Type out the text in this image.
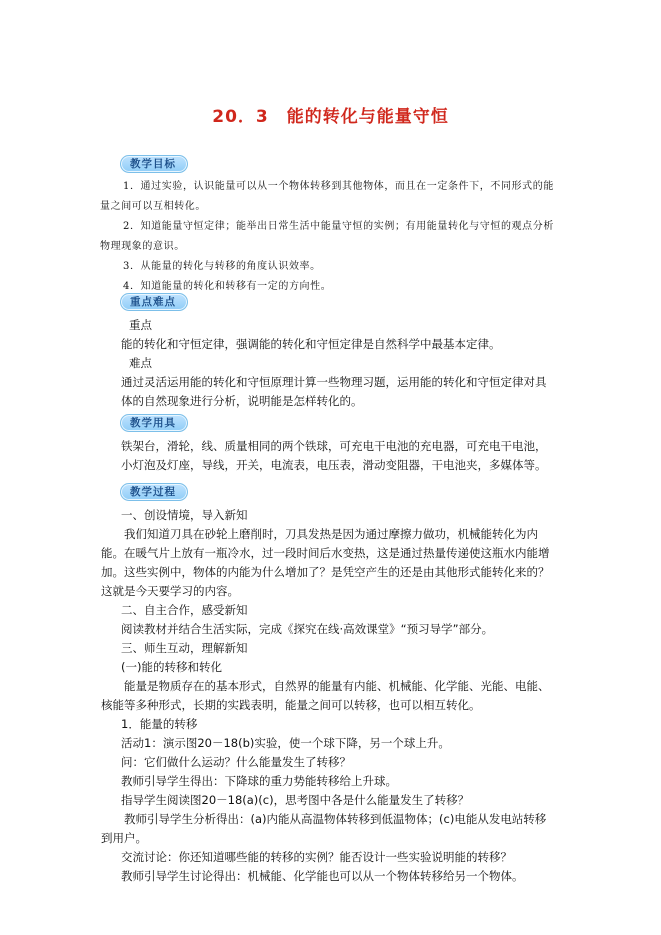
20．3　能的转化与能量守恒
教学目标

1．通过实验，认识能量可以从一个物体转移到其他物体，而且在一定条件下，不同形式的能量之间可以互相转化。

2．知道能量守恒定律；能举出日常生活中能量守恒的实例；有用能量转化与守恒的观点分析物理现象的意识。

3．从能量的转化与转移的角度认识效率。

4．知道能量的转化和转移有一定的方向性。

重点难点

重点

能的转化和守恒定律，强调能的转化和守恒定律是自然科学中最基本定律。

难点

通过灵活运用能的转化和守恒原理计算一些物理习题，运用能的转化和守恒定律对具体的自然现象进行分析，说明能是怎样转化的。

教学用具

铁架台，滑轮，线、质量相同的两个铁球，可充电干电池的充电器，可充电干电池，小灯泡及灯座，导线，开关，电流表，电压表，滑动变阻器，干电池夹，多媒体等。

教学过程

一、创设情境，导入新知

我们知道刀具在砂轮上磨削时，刀具发热是因为通过摩擦力做功，机械能转化为内能。在暖气片上放有一瓶冷水，过一段时间后水变热，这是通过热量传递使这瓶水内能增加。这些实例中，物体的内能为什么增加了？是凭空产生的还是由其他形式能转化来的？这就是今天要学习的内容。

二、自主合作，感受新知

阅读教材并结合生活实际，完成《探究在线·高效课堂》“预习导学”部分。

三、师生互动，理解新知

(一)能的转移和转化

能量是物质存在的基本形式，自然界的能量有内能、机械能、化学能、光能、电能、核能等多种形式，长期的实践表明，能量之间可以转移，也可以相互转化。

1．能量的转移

活动1：演示图20－18(b)实验，使一个球下降，另一个球上升。

问：它们做什么运动？什么能量发生了转移？

教师引导学生得出：下降球的重力势能转移给上升球。

指导学生阅读图20－18(a)(c)，思考图中各是什么能量发生了转移？

教师引导学生分析得出：(a)内能从高温物体转移到低温物体；(c)电能从发电站转移到用户。

交流讨论：你还知道哪些能的转移的实例？能否设计一些实验说明能的转移？

教师引导学生讨论得出：机械能、化学能也可以从一个物体转移给另一个物体。
